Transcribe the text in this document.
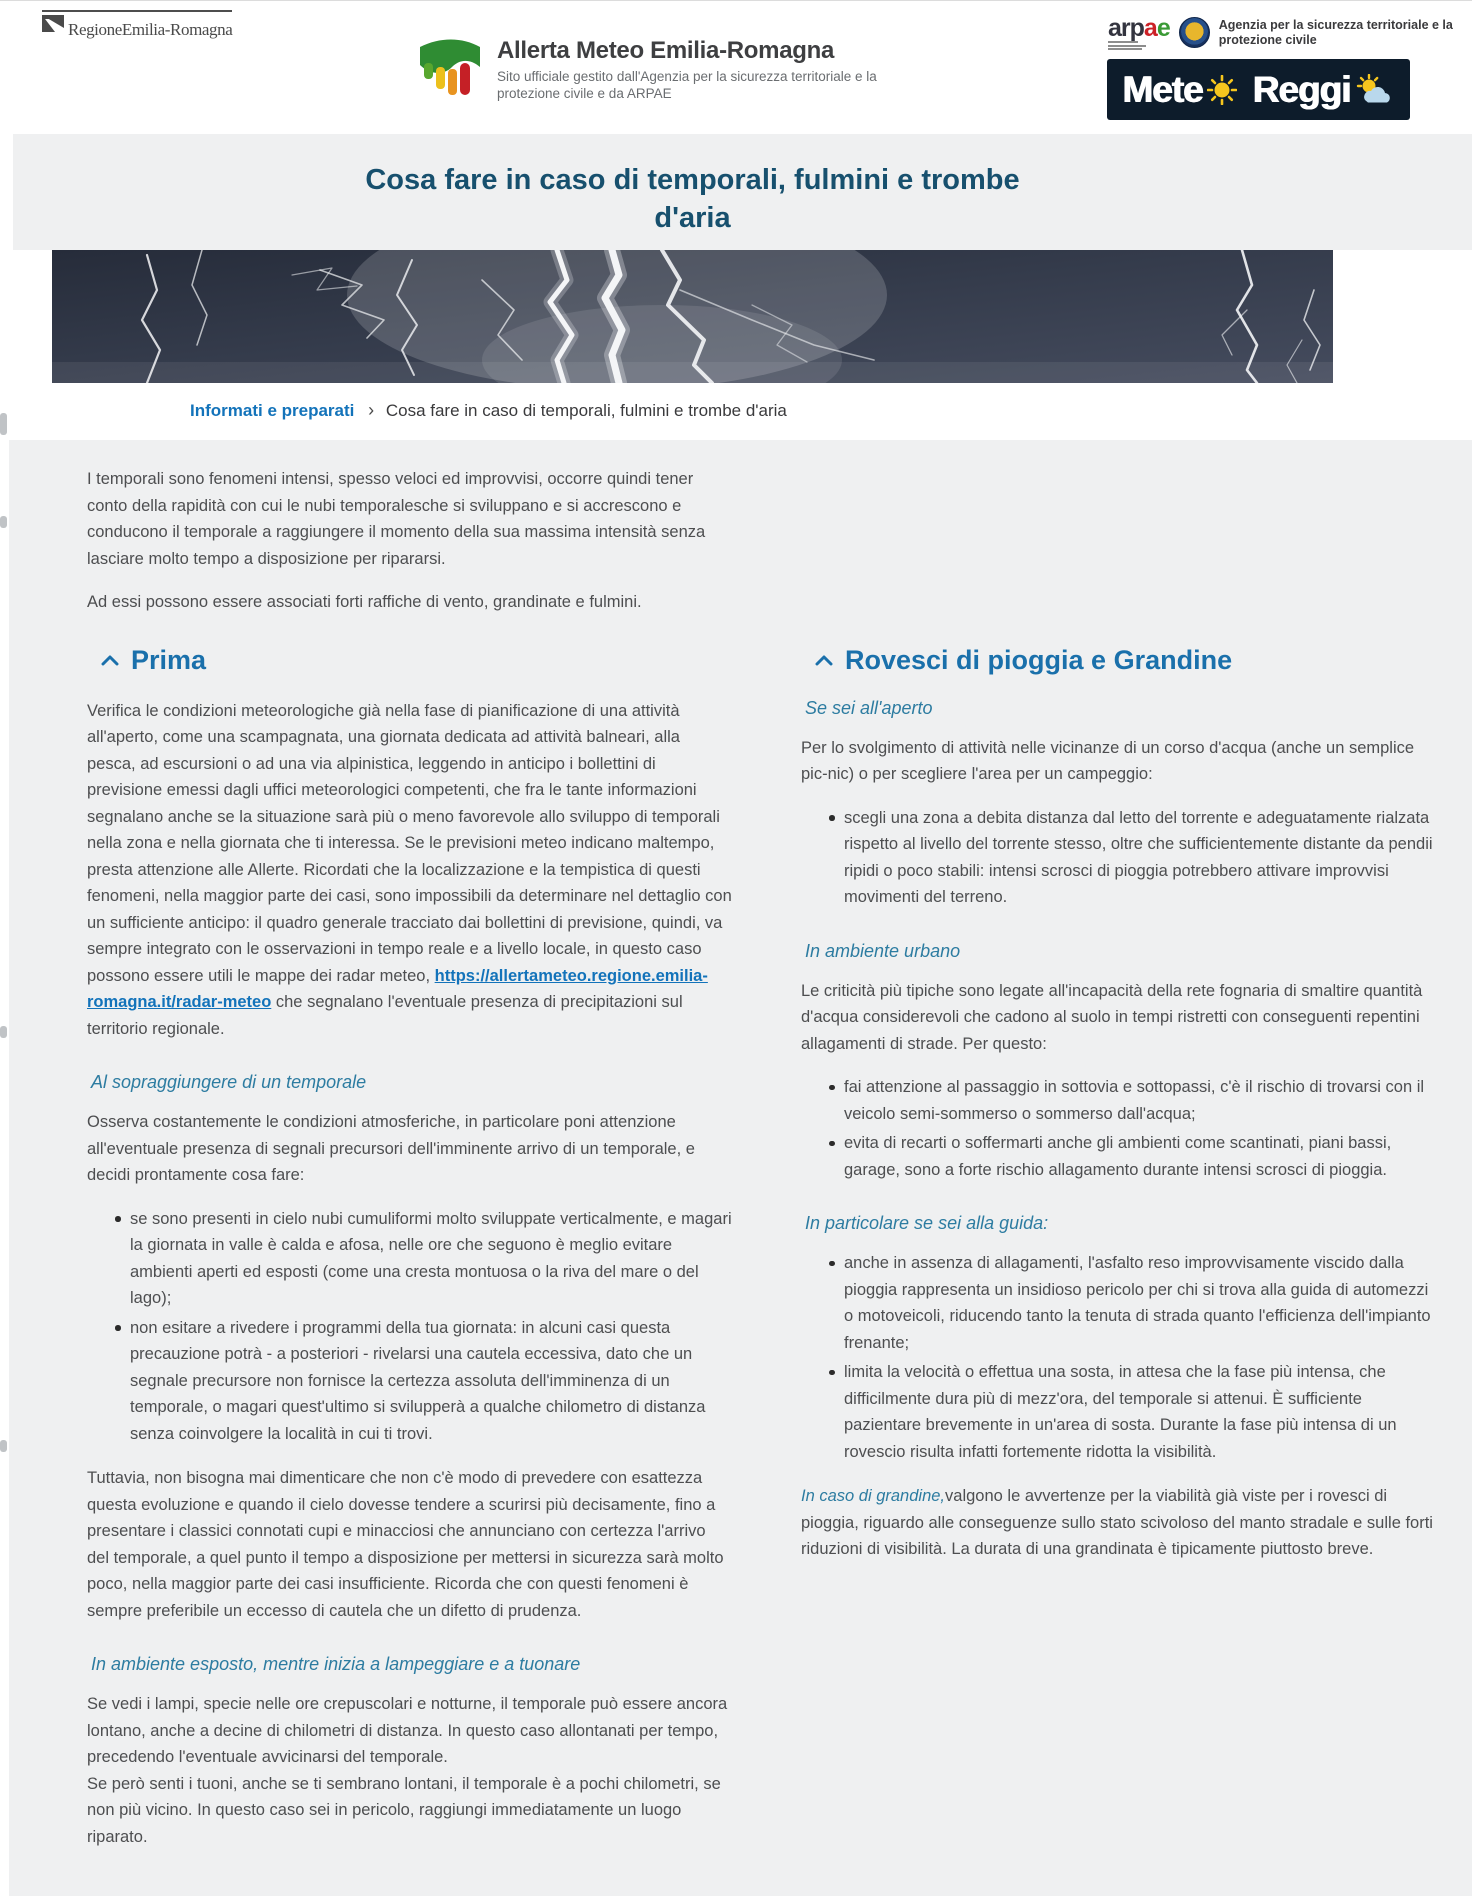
RegioneEmilia-Romagna
Allerta Meteo Emilia-Romagna
Sito ufficiale gestito dall'Agenzia per la sicurezza territoriale e la protezione civile e da ARPAE
arpae	Agenzia per la sicurezza territoriale e la protezione civile
Mete Reggi
Cosa fare in caso di temporali, fulmini e trombe d'aria
Informati e preparati › Cosa fare in caso di temporali, fulmini e trombe d'aria

I temporali sono fenomeni intensi, spesso veloci ed improvvisi, occorre quindi tener conto della rapidità con cui le nubi temporalesche si sviluppano e si accrescono e conducono il temporale a raggiungere il momento della sua massima intensità senza lasciare molto tempo a disposizione per ripararsi.

Ad essi possono essere associati forti raffiche di vento, grandinate e fulmini.

Prima

Verifica le condizioni meteorologiche già nella fase di pianificazione di una attività all'aperto, come una scampagnata, una giornata dedicata ad attività balneari, alla pesca, ad escursioni o ad una via alpinistica, leggendo in anticipo i bollettini di previsione emessi dagli uffici meteorologici competenti, che fra le tante informazioni segnalano anche se la situazione sarà più o meno favorevole allo sviluppo di temporali nella zona e nella giornata che ti interessa. Se le previsioni meteo indicano maltempo, presta attenzione alle Allerte. Ricordati che la localizzazione e la tempistica di questi fenomeni, nella maggior parte dei casi, sono impossibili da determinare nel dettaglio con un sufficiente anticipo: il quadro generale tracciato dai bollettini di previsione, quindi, va sempre integrato con le osservazioni in tempo reale e a livello locale, in questo caso possono essere utili le mappe dei radar meteo, https://allertameteo.regione.emilia-romagna.it/radar-meteo che segnalano l'eventuale presenza di precipitazioni sul territorio regionale.

Al sopraggiungere di un temporale

Osserva costantemente le condizioni atmosferiche, in particolare poni attenzione all'eventuale presenza di segnali precursori dell'imminente arrivo di un temporale, e decidi prontamente cosa fare:

se sono presenti in cielo nubi cumuliformi molto sviluppate verticalmente, e magari la giornata in valle è calda e afosa, nelle ore che seguono è meglio evitare ambienti aperti ed esposti (come una cresta montuosa o la riva del mare o del lago);
non esitare a rivedere i programmi della tua giornata: in alcuni casi questa precauzione potrà - a posteriori - rivelarsi una cautela eccessiva, dato che un segnale precursore non fornisce la certezza assoluta dell'imminenza di un temporale, o magari quest'ultimo si svilupperà a qualche chilometro di distanza senza coinvolgere la località in cui ti trovi.

Tuttavia, non bisogna mai dimenticare che non c'è modo di prevedere con esattezza questa evoluzione e quando il cielo dovesse tendere a scurirsi più decisamente, fino a presentare i classici connotati cupi e minacciosi che annunciano con certezza l'arrivo del temporale, a quel punto il tempo a disposizione per mettersi in sicurezza sarà molto poco, nella maggior parte dei casi insufficiente. Ricorda che con questi fenomeni è sempre preferibile un eccesso di cautela che un difetto di prudenza.

In ambiente esposto, mentre inizia a lampeggiare e a tuonare

Se vedi i lampi, specie nelle ore crepuscolari e notturne, il temporale può essere ancora lontano, anche a decine di chilometri di distanza. In questo caso allontanati per tempo, precedendo l'eventuale avvicinarsi del temporale.
Se però senti i tuoni, anche se ti sembrano lontani, il temporale è a pochi chilometri, se non più vicino. In questo caso sei in pericolo, raggiungi immediatamente un luogo riparato.

Rovesci di pioggia e Grandine
Se sei all'aperto

Per lo svolgimento di attività nelle vicinanze di un corso d'acqua (anche un semplice pic-nic) o per scegliere l'area per un campeggio:

scegli una zona a debita distanza dal letto del torrente e adeguatamente rialzata rispetto al livello del torrente stesso, oltre che sufficientemente distante da pendii ripidi o poco stabili: intensi scrosci di pioggia potrebbero attivare improvvisi movimenti del terreno.
In ambiente urbano

Le criticità più tipiche sono legate all'incapacità della rete fognaria di smaltire quantità d'acqua considerevoli che cadono al suolo in tempi ristretti con conseguenti repentini allagamenti di strade. Per questo:

fai attenzione al passaggio in sottovia e sottopassi, c'è il rischio di trovarsi con il veicolo semi-sommerso o sommerso dall'acqua;
evita di recarti o soffermarti anche gli ambienti come scantinati, piani bassi, garage, sono a forte rischio allagamento durante intensi scrosci di pioggia.
In particolare se sei alla guida:
anche in assenza di allagamenti, l'asfalto reso improvvisamente viscido dalla pioggia rappresenta un insidioso pericolo per chi si trova alla guida di automezzi o motoveicoli, riducendo tanto la tenuta di strada quanto l'efficienza dell'impianto frenante;
limita la velocità o effettua una sosta, in attesa che la fase più intensa, che difficilmente dura più di mezz'ora, del temporale si attenui. È sufficiente pazientare brevemente in un'area di sosta. Durante la fase più intensa di un rovescio risulta infatti fortemente ridotta la visibilità.

In caso di grandine,valgono le avvertenze per la viabilità già viste per i rovesci di pioggia, riguardo alle conseguenze sullo stato scivoloso del manto stradale e sulle forti riduzioni di visibilità. La durata di una grandinata è tipicamente piuttosto breve.
